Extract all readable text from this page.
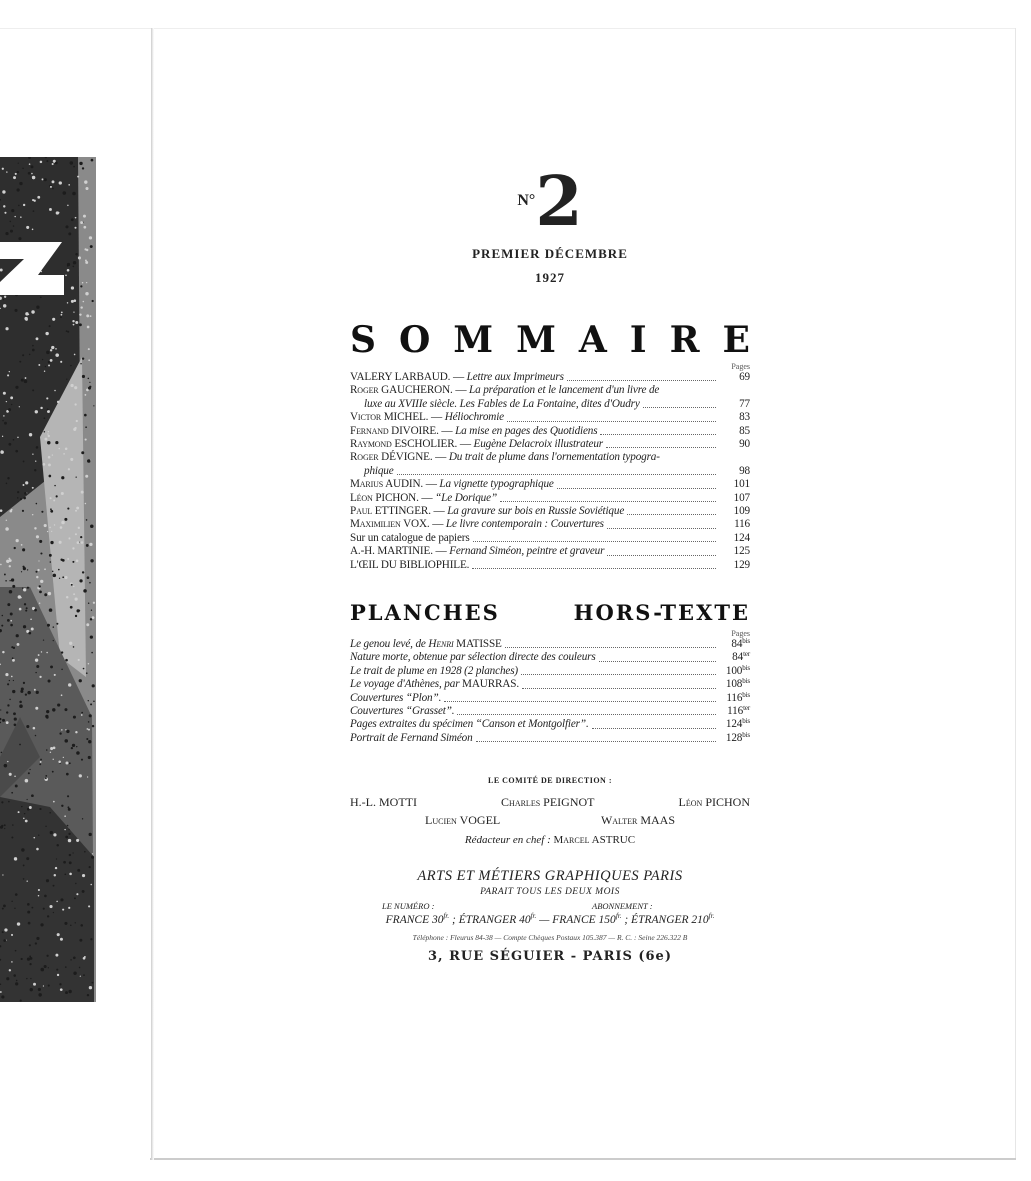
N°2
PREMIER DÉCEMBRE
1927
S O M M A I R E
Pages
VALERY LARBAUD. — Lettre aux Imprimeurs	69
Roger GAUCHERON. — La préparation et le lancement d'un livre de
luxe au XVIIIe siècle. Les Fables de La Fontaine, dites d'Oudry	77
Victor MICHEL. — Héliochromie	83
Fernand DIVOIRE. — La mise en pages des Quotidiens	85
Raymond ESCHOLIER. — Eugène Delacroix illustrateur	90
Roger DÉVIGNE. — Du trait de plume dans l'ornementation typogra-
phique	98
Marius AUDIN. — La vignette typographique	101
Léon PICHON. — “Le Dorique”	107
Paul ETTINGER. — La gravure sur bois en Russie Soviétique	109
Maximilien VOX. — Le livre contemporain : Couvertures	116
Sur un catalogue de papiers	124
A.-H. MARTINIE. — Fernand Siméon, peintre et graveur	125
L'ŒIL DU BIBLIOPHILE.	129
PLANCHES	HORS-TEXTE
Pages
Le genou levé, de Henri MATISSE	$84^{bis}$
Nature morte, obtenue par sélection directe des couleurs	$84^{ter}$
Le trait de plume en 1928 (2 planches)	$100^{bis}$
Le voyage d'Athènes, par MAURRAS.	$108^{bis}$
Couvertures “Plon”.	$116^{bis}$
Couvertures “Grasset”.	$116^{ter}$
Pages extraites du spécimen “Canson et Montgolfier”.	$124^{bis}$
Portrait de Fernand Siméon	$128^{bis}$
LE COMITÉ DE DIRECTION :
H.-L. MOTTI	Charles PEIGNOT	Léon PICHON
Lucien VOGEL	Walter MAAS
Rédacteur en chef : Marcel ASTRUC
ARTS ET MÉTIERS GRAPHIQUES PARIS
PARAIT TOUS LES DEUX MOIS
LE NUMÉRO :	ABONNEMENT :
FRANCE $30^{fr.}$ ; ÉTRANGER $40^{fr.}$ — FRANCE $150^{fr.}$ ; ÉTRANGER $210^{fr.}$
Téléphone : Fleurus 84-38 — Compte Chèques Postaux 105.387 — R. C. : Seine 226.322 B
3, RUE SÉGUIER - PARIS (6e)
